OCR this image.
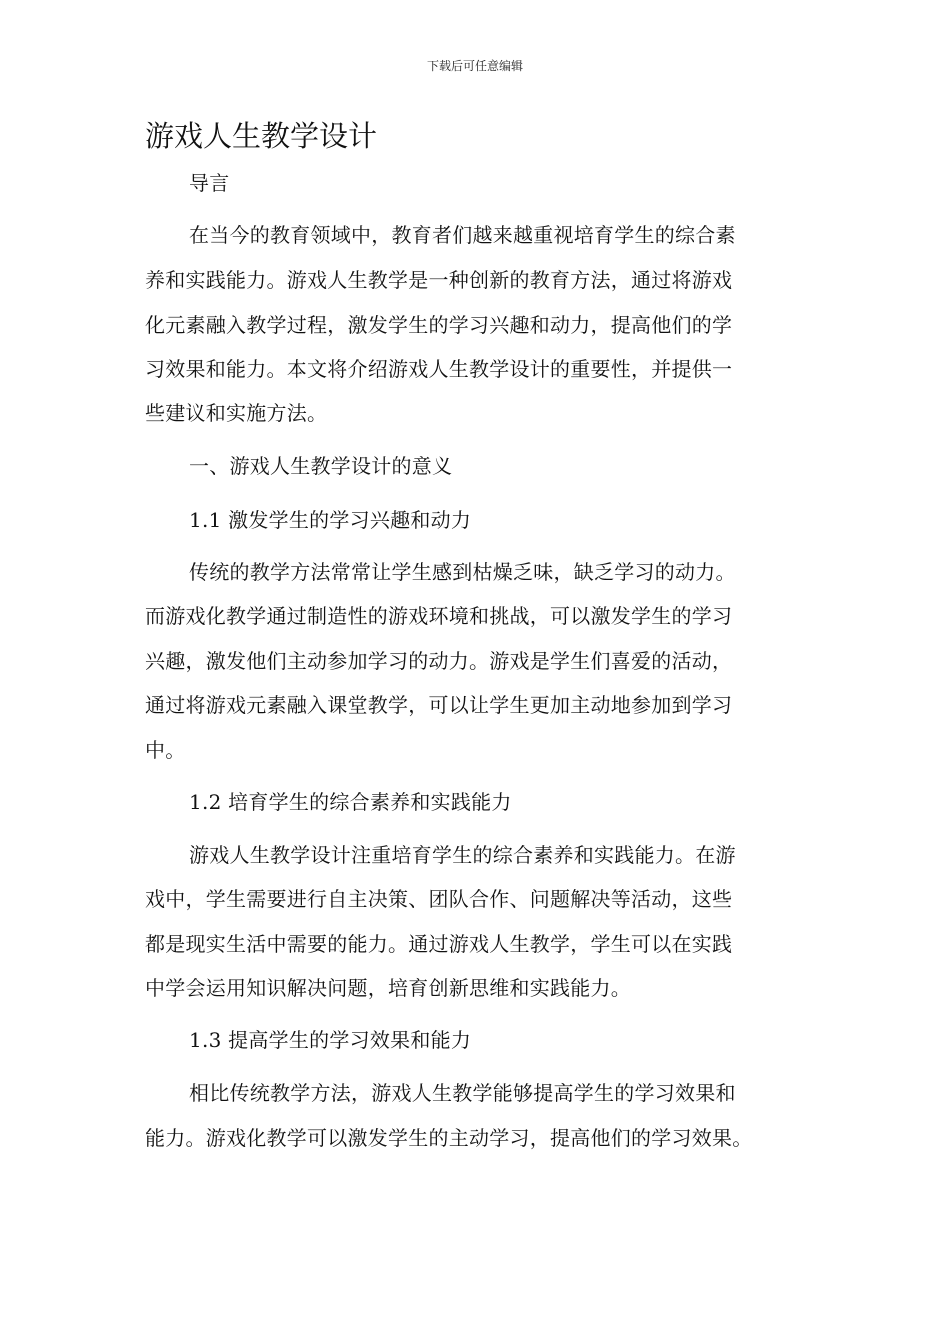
下载后可任意编辑
游戏人生教学设计
导言
在当今的教育领域中，教育者们越来越重视培育学生的综合素
养和实践能力。游戏人生教学是一种创新的教育方法，通过将游戏
化元素融入教学过程，激发学生的学习兴趣和动力，提高他们的学
习效果和能力。本文将介绍游戏人生教学设计的重要性，并提供一
些建议和实施方法。
一、游戏人生教学设计的意义
1.1 激发学生的学习兴趣和动力
传统的教学方法常常让学生感到枯燥乏味，缺乏学习的动力。
而游戏化教学通过制造性的游戏环境和挑战，可以激发学生的学习
兴趣，激发他们主动参加学习的动力。游戏是学生们喜爱的活动，
通过将游戏元素融入课堂教学，可以让学生更加主动地参加到学习
中。
1.2 培育学生的综合素养和实践能力
游戏人生教学设计注重培育学生的综合素养和实践能力。在游
戏中，学生需要进行自主决策、团队合作、问题解决等活动，这些
都是现实生活中需要的能力。通过游戏人生教学，学生可以在实践
中学会运用知识解决问题，培育创新思维和实践能力。
1.3 提高学生的学习效果和能力
相比传统教学方法，游戏人生教学能够提高学生的学习效果和
能力。游戏化教学可以激发学生的主动学习，提高他们的学习效果。
